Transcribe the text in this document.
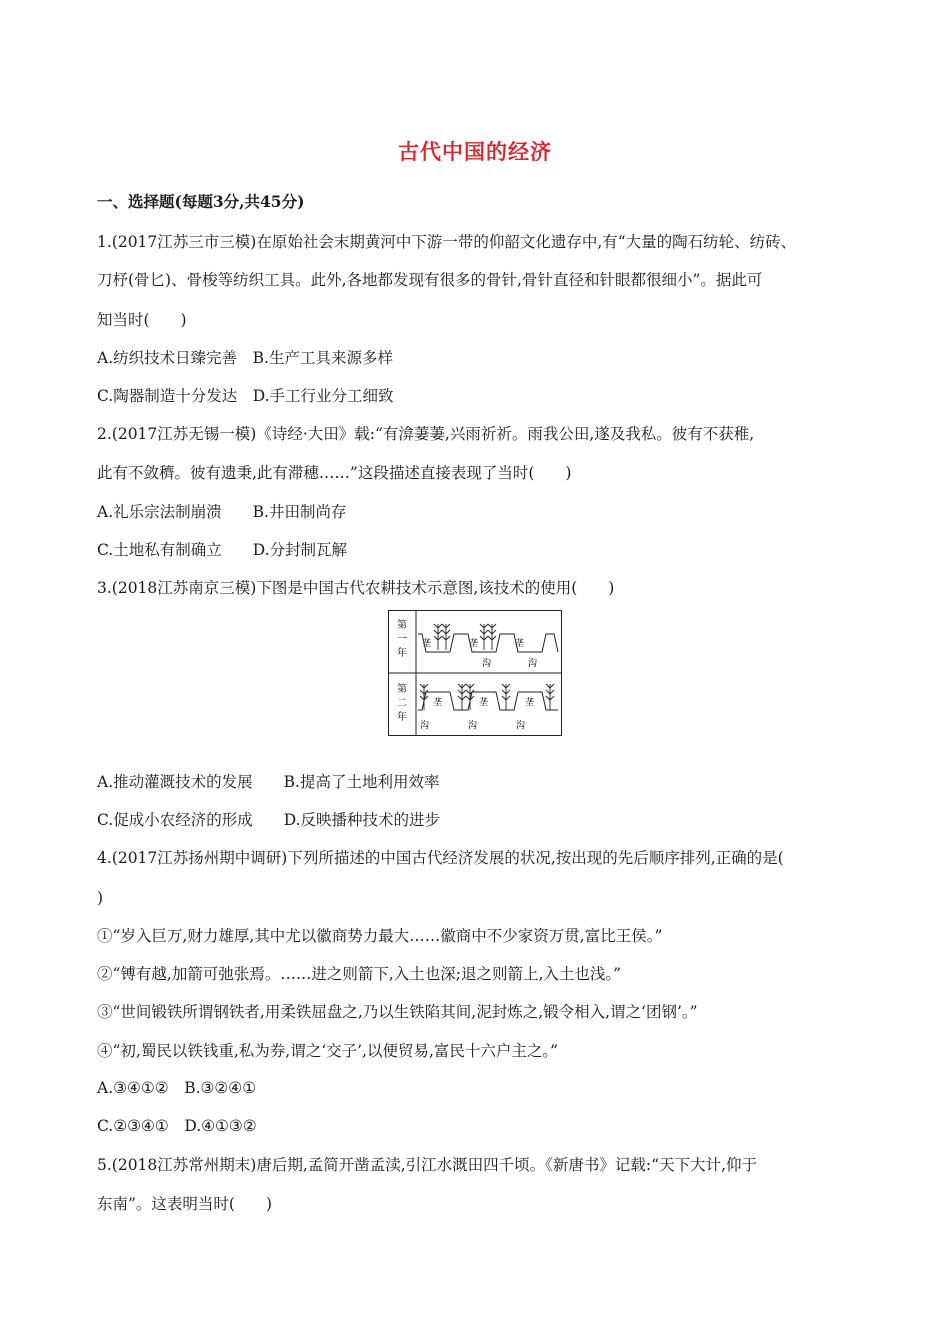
古代中国的经济
一、选择题(每题3分,共45分)
1.(2017江苏三市三模)在原始社会末期黄河中下游一带的仰韶文化遗存中,有“大量的陶石纺轮、纺砖、
刀杼(骨匕)、骨梭等纺织工具。此外,各地都发现有很多的骨针,骨针直径和针眼都很细小”。据此可
知当时(　　)
A.纺织技术日臻完善　B.生产工具来源多样
C.陶器制造十分发达　D.手工行业分工细致
2.(2017江苏无锡一模)《诗经·大田》载:“有渰萋萋,兴雨祈祈。雨我公田,遂及我私。彼有不获稚,
此有不敛穧。彼有遗秉,此有滞穗……”这段描述直接表现了当时(　　)
A.礼乐宗法制崩溃　　B.井田制尚存
C.土地私有制确立　　D.分封制瓦解
3.(2018江苏南京三模)下图是中国古代农耕技术示意图,该技术的使用(　　)
第
一
年
第
二
年
垄	垄	垄
沟	沟
垄	垄	垄
沟	沟	沟
A.推动灌溉技术的发展　　B.提高了土地利用效率
C.促成小农经济的形成　　D.反映播种技术的进步
4.(2017江苏扬州期中调研)下列所描述的中国古代经济发展的状况,按出现的先后顺序排列,正确的是(
)
①“岁入巨万,财力雄厚,其中尤以徽商势力最大……徽商中不少家资万贯,富比王侯。”
②“镈有越,加箭可弛张焉。……进之则箭下,入土也深;退之则箭上,入土也浅。”
③“世间锻铁所谓钢铁者,用柔铁屈盘之,乃以生铁陷其间,泥封炼之,锻令相入,谓之‘团钢’。”
④“初,蜀民以铁钱重,私为券,谓之‘交子’,以便贸易,富民十六户主之。”
A.③④①②　B.③②④①
C.②③④①　D.④①③②
5.(2018江苏常州期末)唐后期,孟简开凿孟渎,引江水溉田四千顷。《新唐书》记载:“天下大计,仰于
东南”。这表明当时(　　)
